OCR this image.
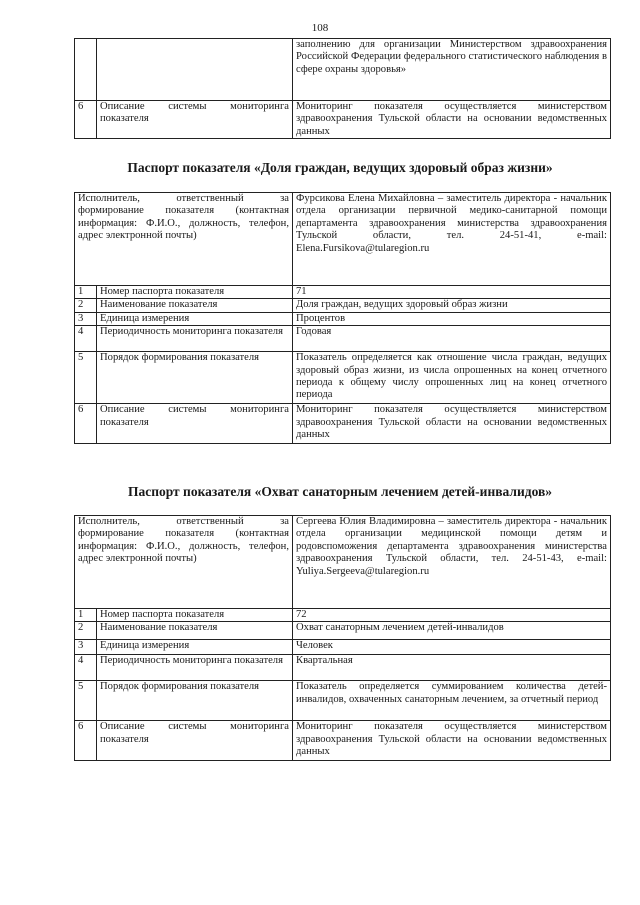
108
		заполнению для организации Министерством здравоохранения Российской Федерации федерального статистического наблюдения в сфере охраны здоровья»
6	Описание системы мониторинга показателя	Мониторинг показателя осуществляется министерством здравоохранения Тульской области на основании ведомственных данных
Паспорт показателя «Доля граждан, ведущих здоровый образ жизни»
Исполнитель, ответственный за формирование показателя (контактная информация: Ф.И.О., должность, телефон, адрес электронной почты)		Фурсикова Елена Михайловна – заместитель директора - начальник отдела организации первичной медико-санитарной помощи департамента здравоохранения министерства здравоохранения Тульской области, тел. 24-51-41, e-mail: Elena.Fursikova@tularegion.ru
1	Номер паспорта показателя	71
2	Наименование показателя	Доля граждан, ведущих здоровый образ жизни
3	Единица измерения	Процентов
4	Периодичность мониторинга показателя	Годовая
5	Порядок формирования показателя	Показатель определяется как отношение числа граждан, ведущих здоровый образ жизни, из числа опрошенных на конец отчетного периода к общему числу опрошенных лиц на конец отчетного периода
6	Описание системы мониторинга показателя	Мониторинг показателя осуществляется министерством здравоохранения Тульской области на основании ведомственных данных
Паспорт показателя «Охват санаторным лечением детей-инвалидов»
Исполнитель, ответственный за формирование показателя (контактная информация: Ф.И.О., должность, телефон, адрес электронной почты)		Сергеева Юлия Владимировна – заместитель директора - начальник отдела организации медицинской помощи детям и родовспоможения департамента здравоохранения министерства здравоохранения Тульской области, тел. 24-51-43, e-mail: Yuliya.Sergeeva@tularegion.ru
1	Номер паспорта показателя	72
2	Наименование показателя	Охват санаторным лечением детей-инвалидов
3	Единица измерения	Человек
4	Периодичность мониторинга показателя	Квартальная
5	Порядок формирования показателя	Показатель определяется суммированием количества детей-инвалидов, охваченных санаторным лечением, за отчетный период
6	Описание системы мониторинга показателя	Мониторинг показателя осуществляется министерством здравоохранения Тульской области на основании ведомственных данных
